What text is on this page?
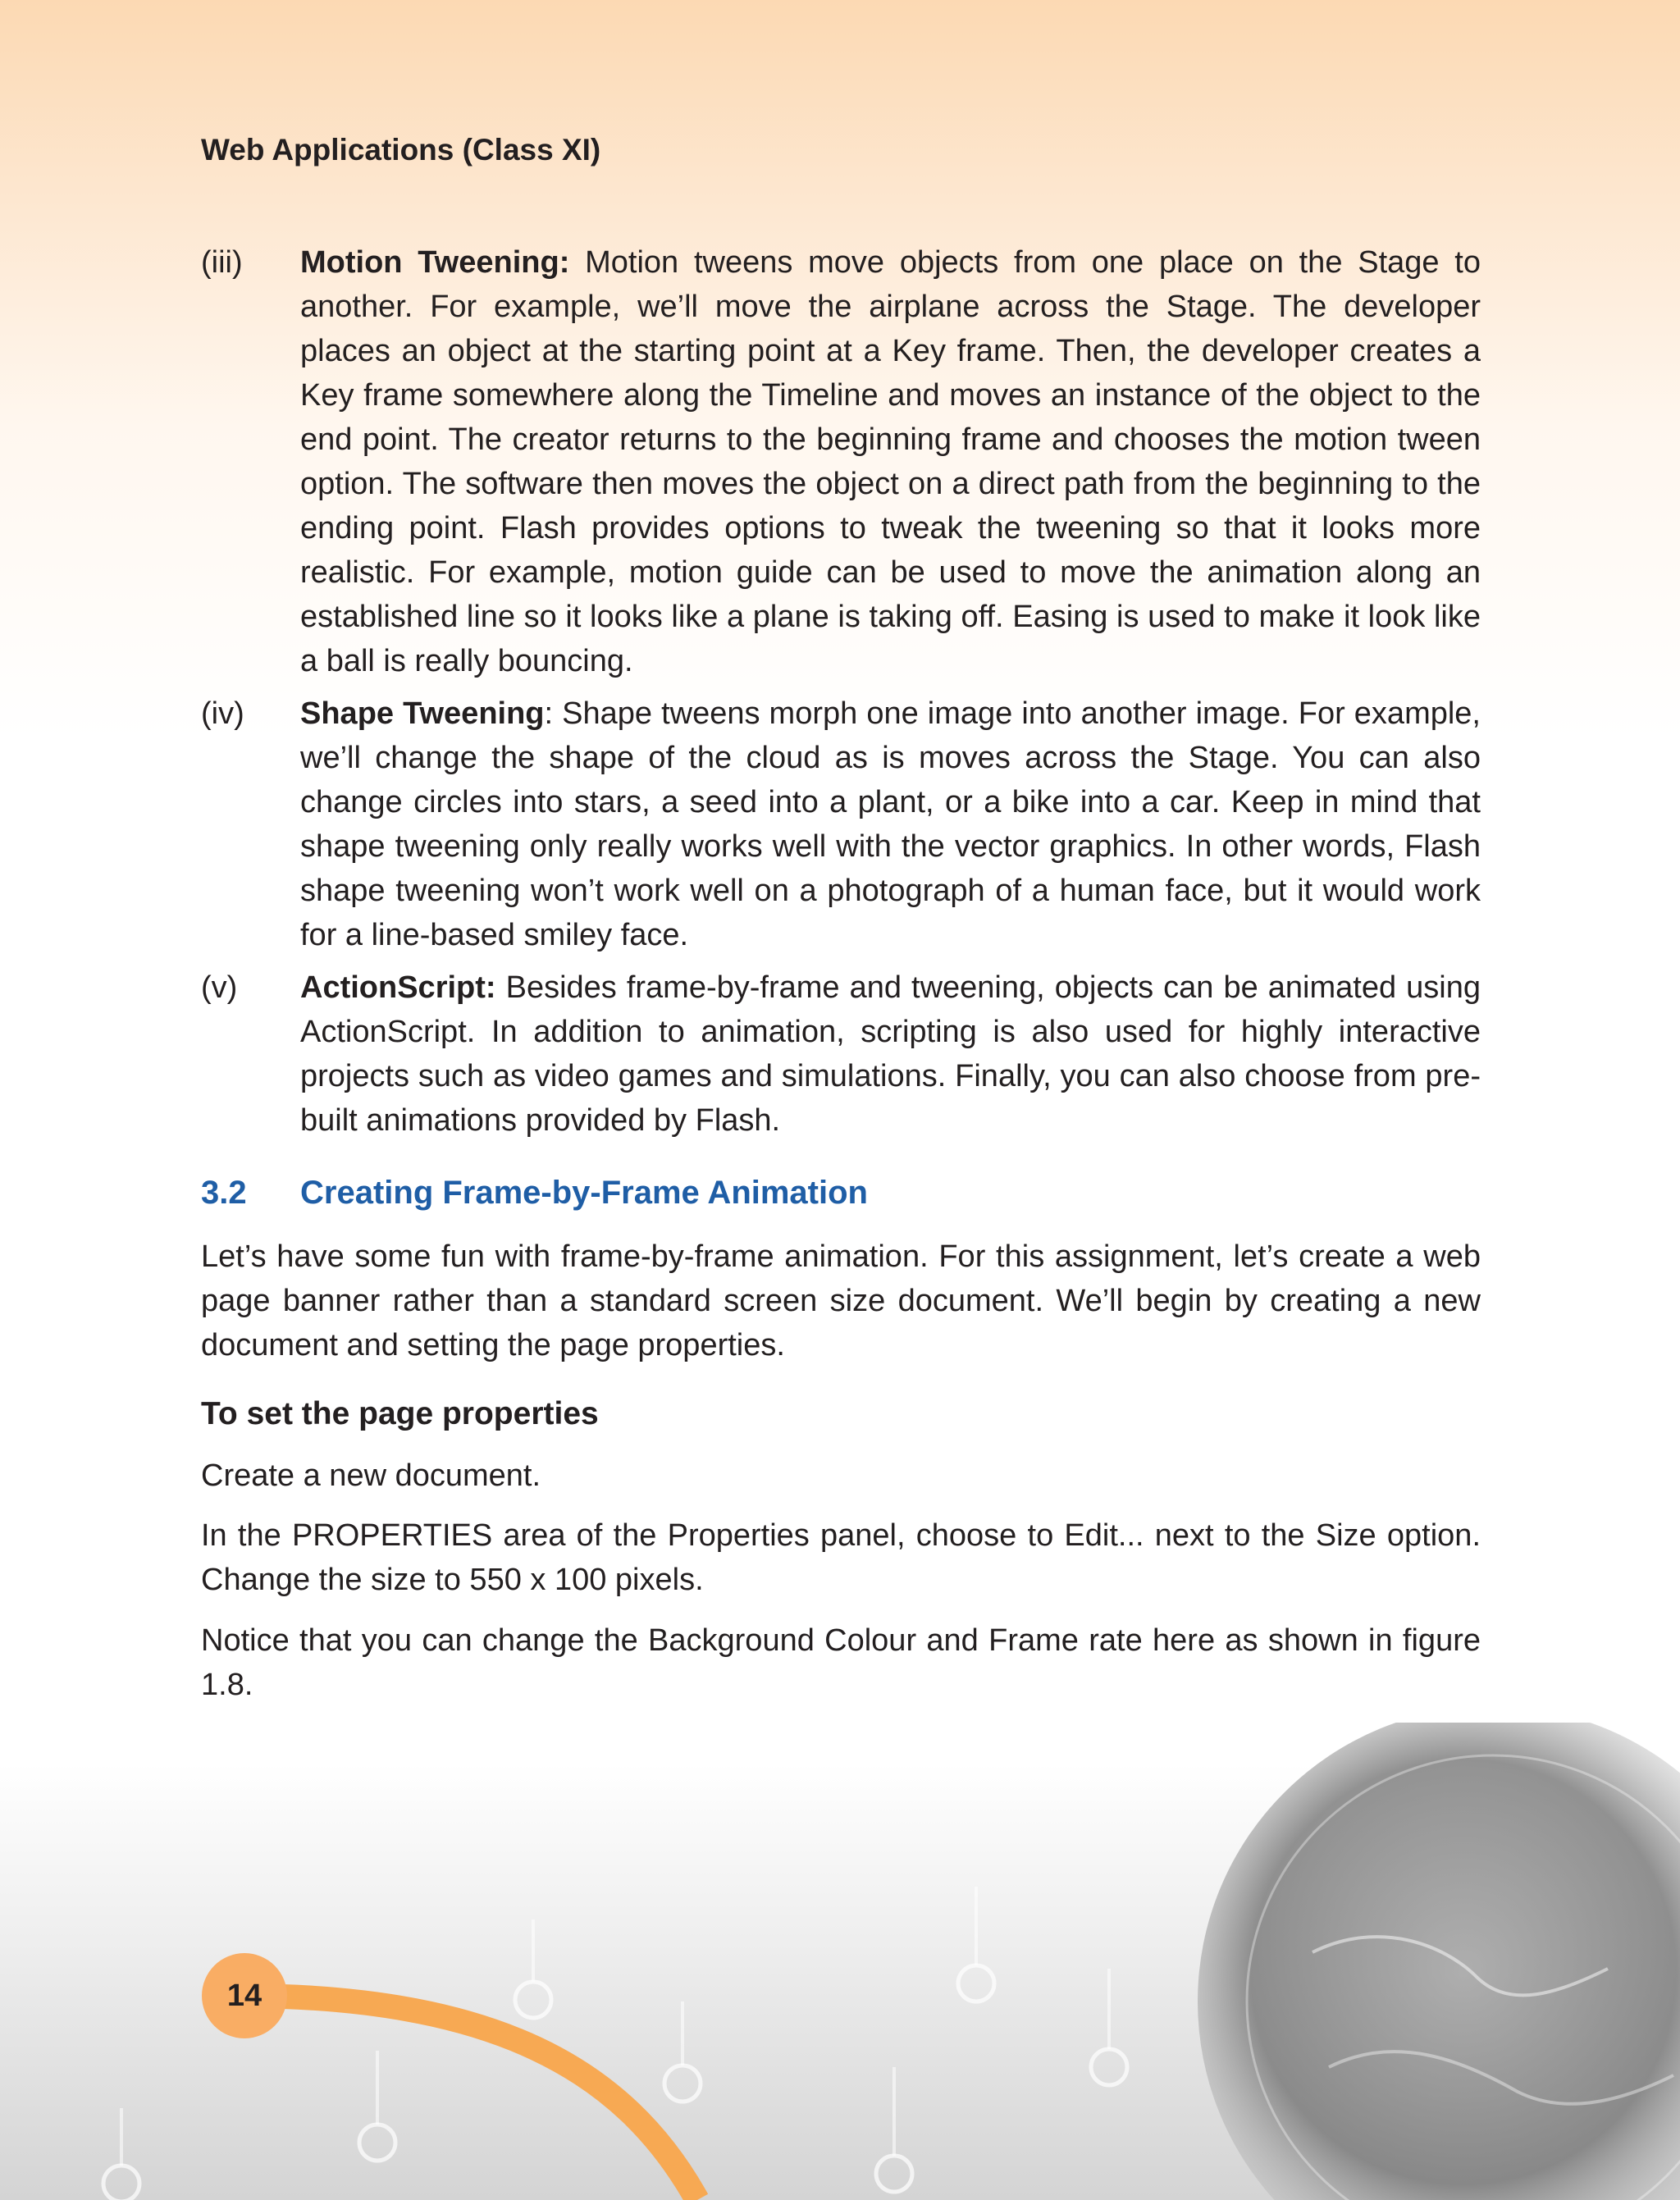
Web Applications (Class XI)

(iii)	Motion Tweening: Motion tweens move objects from one place on the Stage to another. For example, we’ll move the airplane across the Stage. The developer places an object at the starting point at a Key frame. Then, the developer creates a Key frame somewhere along the Timeline and moves an instance of the object to the end point. The creator returns to the beginning frame and chooses the motion tween option. The software then moves the object on a direct path from the beginning to the ending point. Flash provides options to tweak the tweening so that it looks more realistic. For example, motion guide can be used to move the animation along an established line so it looks like a plane is taking off. Easing is used to make it look like a ball is really bouncing.
(iv)	Shape Tweening: Shape tweens morph one image into another image. For example, we’ll change the shape of the cloud as is moves across the Stage. You can also change circles into stars, a seed into a plant, or a bike into a car. Keep in mind that shape tweening only really works well with the vector graphics. In other words, Flash shape tweening won’t work well on a photograph of a human face, but it would work for a line-based smiley face.
(v)	ActionScript: Besides frame-by-frame and tweening, objects can be animated using ActionScript. In addition to animation, scripting is also used for highly interactive projects such as video games and simulations. Finally, you can also choose from pre-built animations provided by Flash.
3.2	Creating Frame-by-Frame Animation

Let’s have some fun with frame-by-frame animation. For this assignment, let’s create a web page banner rather than a standard screen size document. We’ll begin by creating a new document and setting the page properties.

To set the page properties

Create a new document.

In the PROPERTIES area of the Properties panel, choose to Edit... next to the Size option. Change the size to 550 x 100 pixels.

Notice that you can change the Background Colour and Frame rate here as shown in figure 1.8.

14
